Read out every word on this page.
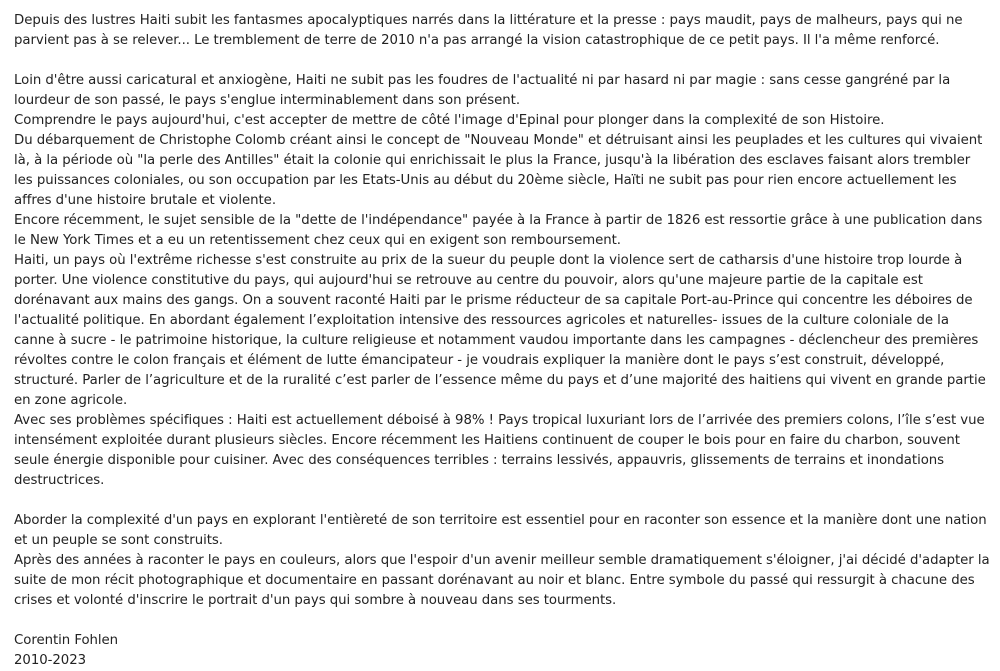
Depuis des lustres Haiti subit les fantasmes apocalyptiques narrés dans la littérature et la presse : pays maudit, pays de malheurs, pays qui ne parvient pas à se relever... Le tremblement de terre de 2010 n'a pas arrangé la vision catastrophique de ce petit pays. Il l'a même renforcé.

Loin d'être aussi caricatural et anxiogène, Haiti ne subit pas les foudres de l'actualité ni par hasard ni par magie : sans cesse gangréné par la lourdeur de son passé, le pays s'englue interminablement dans son présent.

Comprendre le pays aujourd'hui, c'est accepter de mettre de côté l'image d'Epinal pour plonger dans la complexité de son Histoire.

Du débarquement de Christophe Colomb créant ainsi le concept de "Nouveau Monde" et détruisant ainsi les peuplades et les cultures qui vivaient là, à la période où "la perle des Antilles" était la colonie qui enrichissait le plus la France, jusqu'à la libération des esclaves faisant alors trembler les puissances coloniales, ou son occupation par les Etats-Unis au début du 20ème siècle, Haïti ne subit pas pour rien encore actuellement les affres d'une histoire brutale et violente.

Encore récemment, le sujet sensible de la "dette de l'indépendance" payée à la France à partir de 1826 est ressortie grâce à une publication dans le New York Times et a eu un retentissement chez ceux qui en exigent son remboursement.

Haiti, un pays où l'extrême richesse s'est construite au prix de la sueur du peuple dont la violence sert de catharsis d'une histoire trop lourde à porter. Une violence constitutive du pays, qui aujourd'hui se retrouve au centre du pouvoir, alors qu'une majeure partie de la capitale est dorénavant aux mains des gangs. On a souvent raconté Haiti par le prisme réducteur de sa capitale Port-au-Prince qui concentre les déboires de l'actualité politique. En abordant également l’exploitation intensive des ressources agricoles et naturelles- issues de la culture coloniale de la canne à sucre - le patrimoine historique, la culture religieuse et notamment vaudou importante dans les campagnes - déclencheur des premières révoltes contre le colon français et élément de lutte émancipateur - je voudrais expliquer la manière dont le pays s’est construit, développé, structuré. Parler de l’agriculture et de la ruralité c’est parler de l’essence même du pays et d’une majorité des haitiens qui vivent en grande partie en zone agricole.

Avec ses problèmes spécifiques : Haiti est actuellement déboisé à 98% ! Pays tropical luxuriant lors de l’arrivée des premiers colons, l’île s’est vue intensément exploitée durant plusieurs siècles. Encore récemment les Haitiens continuent de couper le bois pour en faire du charbon, souvent seule énergie disponible pour cuisiner. Avec des conséquences terribles : terrains lessivés, appauvris, glissements de terrains et inondations destructrices.

Aborder la complexité d'un pays en explorant l'entièreté de son territoire est essentiel pour en raconter son essence et la manière dont une nation et un peuple se sont construits.

Après des années à raconter le pays en couleurs, alors que l'espoir d'un avenir meilleur semble dramatiquement s'éloigner, j'ai décidé d'adapter la suite de mon récit photographique et documentaire en passant dorénavant au noir et blanc. Entre symbole du passé qui ressurgit à chacune des crises et volonté d'inscrire le portrait d'un pays qui sombre à nouveau dans ses tourments.

Corentin Fohlen

2010-2023
